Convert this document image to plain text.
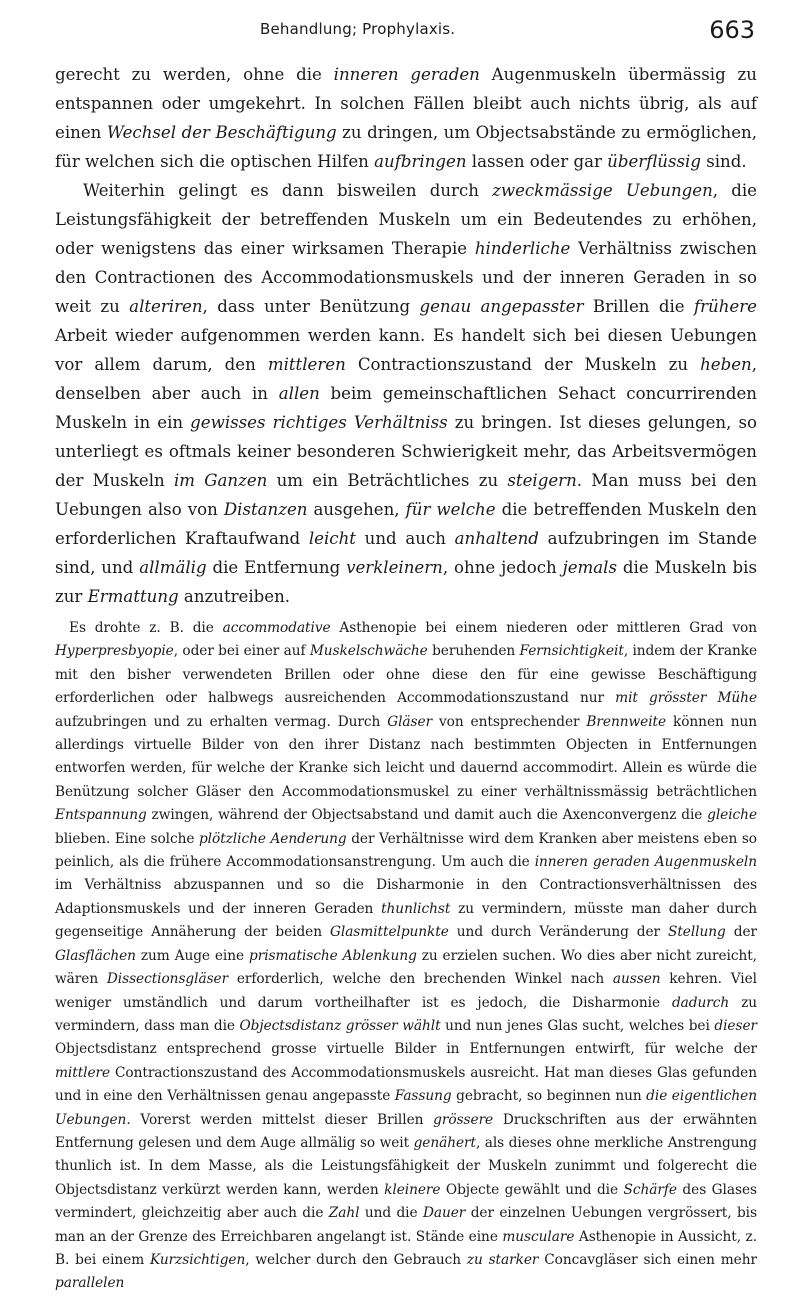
Behandlung; Prophylaxis.	663

gerecht zu werden, ohne die inneren geraden Augenmuskeln übermässig zu entspannen oder umgekehrt. In solchen Fällen bleibt auch nichts übrig, als auf einen Wechsel der Beschäftigung zu dringen, um Objectsabstände zu ermöglichen, für welchen sich die optischen Hilfen aufbringen lassen oder gar überflüssig sind.

Weiterhin gelingt es dann bisweilen durch zweckmässige Uebungen, die Leistungsfähigkeit der betreffenden Muskeln um ein Bedeutendes zu erhöhen, oder wenigstens das einer wirksamen Therapie hinderliche Verhältniss zwischen den Contractionen des Accommodationsmuskels und der inneren Geraden in so weit zu alteriren, dass unter Benützung genau angepasster Brillen die frühere Arbeit wieder aufgenommen werden kann. Es handelt sich bei diesen Uebungen vor allem darum, den mittleren Contractionszustand der Muskeln zu heben, denselben aber auch in allen beim gemeinschaftlichen Sehact concurrirenden Muskeln in ein gewisses richtiges Verhältniss zu bringen. Ist dieses gelungen, so unterliegt es oftmals keiner besonderen Schwierigkeit mehr, das Arbeitsvermögen der Muskeln im Ganzen um ein Beträchtliches zu steigern. Man muss bei den Uebungen also von Distanzen ausgehen, für welche die betreffenden Muskeln den erforderlichen Kraftaufwand leicht und auch anhaltend aufzubringen im Stande sind, und allmälig die Entfernung verkleinern, ohne jedoch jemals die Muskeln bis zur Ermattung anzutreiben.

Es drohte z. B. die accommodative Asthenopie bei einem niederen oder mittleren Grad von Hyperpresbyopie, oder bei einer auf Muskelschwäche beruhenden Fernsichtigkeit, indem der Kranke mit den bisher verwendeten Brillen oder ohne diese den für eine gewisse Beschäftigung erforderlichen oder halbwegs ausreichenden Accommodationszustand nur mit grösster Mühe aufzubringen und zu erhalten vermag. Durch Gläser von entsprechender Brennweite können nun allerdings virtuelle Bilder von den ihrer Distanz nach bestimmten Objecten in Entfernungen entworfen werden, für welche der Kranke sich leicht und dauernd accommodirt. Allein es würde die Benützung solcher Gläser den Accommodationsmuskel zu einer verhältnissmässig beträchtlichen Entspannung zwingen, während der Objectsabstand und damit auch die Axenconvergenz die gleiche blieben. Eine solche plötzliche Aenderung der Verhältnisse wird dem Kranken aber meistens eben so peinlich, als die frühere Accommodationsanstrengung. Um auch die inneren geraden Augenmuskeln im Verhältniss abzuspannen und so die Disharmonie in den Contractionsverhältnissen des Adaptionsmuskels und der inneren Geraden thunlichst zu vermindern, müsste man daher durch gegenseitige Annäherung der beiden Glasmittelpunkte und durch Veränderung der Stellung der Glasflächen zum Auge eine prismatische Ablenkung zu erzielen suchen. Wo dies aber nicht zureicht, wären Dissectionsgläser erforderlich, welche den brechenden Winkel nach aussen kehren. Viel weniger umständlich und darum vortheilhafter ist es jedoch, die Disharmonie dadurch zu vermindern, dass man die Objectsdistanz grösser wählt und nun jenes Glas sucht, welches bei dieser Objectsdistanz entsprechend grosse virtuelle Bilder in Entfernungen entwirft, für welche der mittlere Contractionszustand des Accommodationsmuskels ausreicht. Hat man dieses Glas gefunden und in eine den Verhältnissen genau angepasste Fassung gebracht, so beginnen nun die eigentlichen Uebungen. Vorerst werden mittelst dieser Brillen grössere Druckschriften aus der erwähnten Entfernung gelesen und dem Auge allmälig so weit genähert, als dieses ohne merkliche Anstrengung thunlich ist. In dem Masse, als die Leistungsfähigkeit der Muskeln zunimmt und folgerecht die Objectsdistanz verkürzt werden kann, werden kleinere Objecte gewählt und die Schärfe des Glases vermindert, gleichzeitig aber auch die Zahl und die Dauer der einzelnen Uebungen vergrössert, bis man an der Grenze des Erreichbaren angelangt ist. Stände eine musculare Asthenopie in Aussicht, z. B. bei einem Kurzsichtigen, welcher durch den Gebrauch zu starker Concavgläser sich einen mehr parallelen
